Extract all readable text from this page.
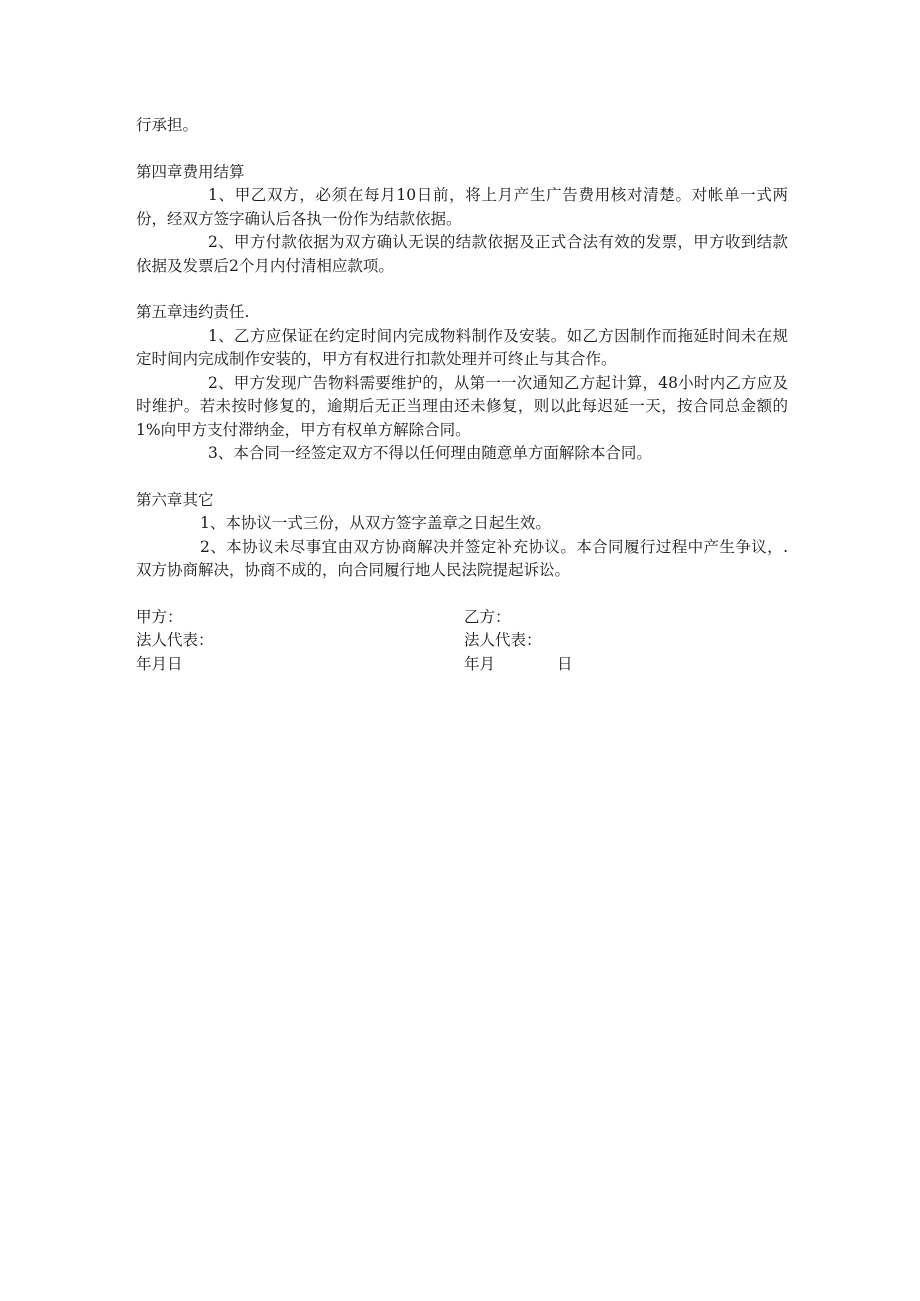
行承担。
第四章费用结算
1、甲乙双方，必须在每月10日前，将上月产生广告费用核对清楚。对帐单一式两份，经双方签字确认后各执一份作为结款依据。
2、甲方付款依据为双方确认无误的结款依据及正式合法有效的发票，甲方收到结款依据及发票后2个月内付清相应款项。
第五章违约责任.
1、乙方应保证在约定时间内完成物料制作及安装。如乙方因制作而拖延时间未在规定时间内完成制作安装的，甲方有权进行扣款处理并可终止与其合作。
2、甲方发现广告物料需要维护的，从第一一次通知乙方起计算，48小时内乙方应及时维护。若未按时修复的，逾期后无正当理由还未修复，则以此每迟延一天，按合同总金额的1%向甲方支付滞纳金，甲方有权单方解除合同。
3、本合同一经签定双方不得以任何理由随意单方面解除本合同。
第六章其它
1、本协议一式三份，从双方签字盖章之日起生效。
2、本协议未尽事宜由双方协商解决并签定补充协议。本合同履行过程中产生争议，.双方协商解决，协商不成的，向合同履行地人民法院提起诉讼。
甲方：
法人代表：
年月日
乙方：
法人代表：
年月　　　　日
